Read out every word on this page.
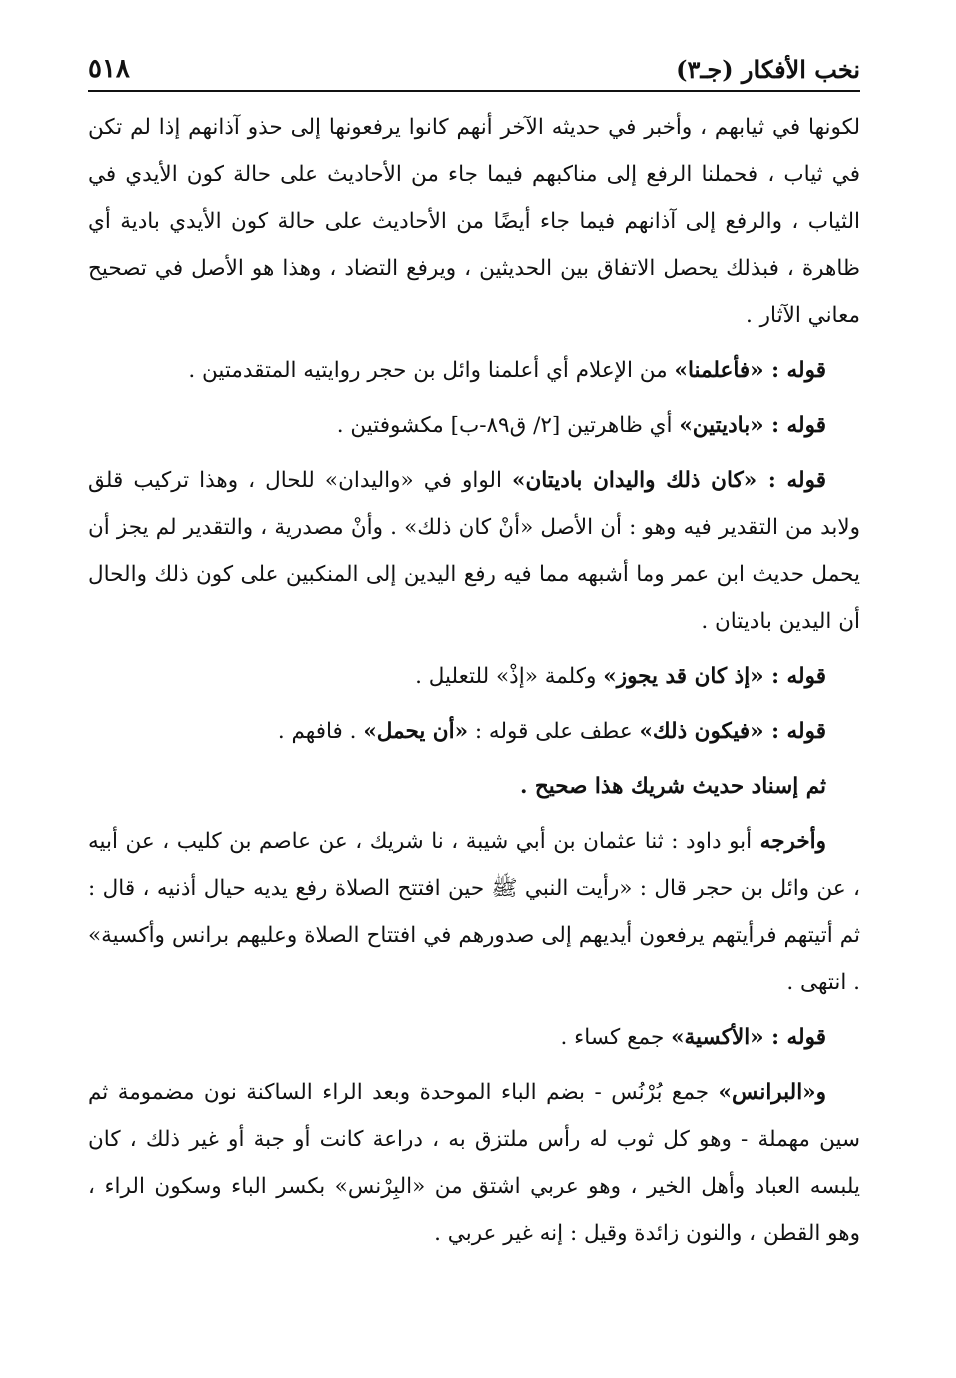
نخب الأفكار (جـ٣)
٥١٨

لكونها في ثيابهم ، وأخبر في حديثه الآخر أنهم كانوا يرفعونها إلى حذو آذانهم إذا لم تكن في ثياب ، فحملنا الرفع إلى مناكبهم فيما جاء من الأحاديث على حالة كون الأيدي في الثياب ، والرفع إلى آذانهم فيما جاء أيضًا من الأحاديث على حالة كون الأيدي بادية أي ظاهرة ، فبذلك يحصل الاتفاق بين الحديثين ، ويرفع التضاد ، وهذا هو الأصل في تصحيح معاني الآثار .

قوله : «فأعلمنا» من الإعلام أي أعلمنا وائل بن حجر روايتيه المتقدمتين .

قوله : «باديتين» أي ظاهرتين [٢/ ق٨٩-ب] مكشوفتين .

قوله : «كان ذلك واليدان باديتان» الواو في «واليدان» للحال ، وهذا تركيب قلق ولابد من التقدير فيه وهو : أن الأصل «أنْ كان ذلك» . وأنْ مصدرية ، والتقدير لم يجز أن يحمل حديث ابن عمر وما أشبهه مما فيه رفع اليدين إلى المنكبين على كون ذلك والحال أن اليدين باديتان .

قوله : «إذ كان قد يجوز» وكلمة «إذْ» للتعليل .

قوله : «فيكون ذلك» عطف على قوله : «أن يحمل» . فافهم .

ثم إسناد حديث شريك هذا صحيح .

وأخرجه أبو داود : ثنا عثمان بن أبي شيبة ، نا شريك ، عن عاصم بن كليب ، عن أبيه ، عن وائل بن حجر قال : «رأيت النبي ﷺ حين افتتح الصلاة رفع يديه حيال أذنيه ، قال : ثم أتيتهم فرأيتهم يرفعون أيديهم إلى صدورهم في افتتاح الصلاة وعليهم برانس وأكسية» . انتهى .

قوله : «الأكسية» جمع كساء .

و«البرانس» جمع بُرْنُس - بضم الباء الموحدة وبعد الراء الساكنة نون مضمومة ثم سين مهملة - وهو كل ثوب له رأس ملتزق به ، دراعة كانت أو جبة أو غير ذلك ، كان يلبسه العباد وأهل الخير ، وهو عربي اشتق من «البِرْنس» بكسر الباء وسكون الراء ، وهو القطن ، والنون زائدة وقيل : إنه غير عربي .
